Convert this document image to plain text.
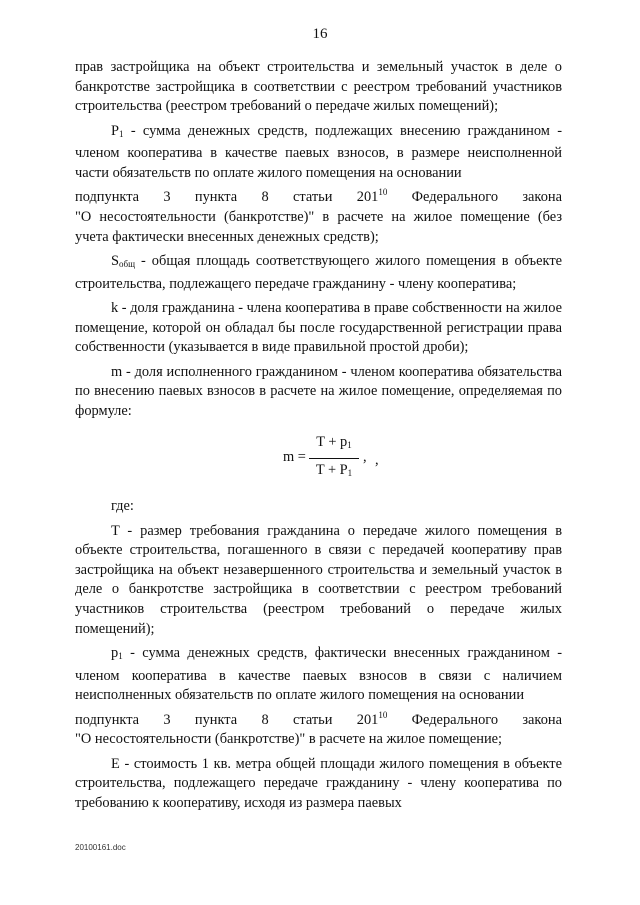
16

прав застройщика на объект строительства и земельный участок в деле о банкротстве застройщика в соответствии с реестром требований участников строительства (реестром требований о передаче жилых помещений);

$P_1$ - сумма денежных средств, подлежащих внесению гражданином - членом кооператива в качестве паевых взносов, в размере неисполненной части обязательств по оплате жилого помещения на основании

подпункта 3 пункта 8 статьи $201^{10}$ Федерального закона

"О несостоятельности (банкротстве)" в расчете на жилое помещение (без учета фактически внесенных денежных средств);

$S_{общ}$ - общая площадь соответствующего жилого помещения в объекте строительства, подлежащего передаче гражданину - члену кооператива;

k - доля гражданина - члена кооператива в праве собственности на жилое помещение, которой он обладал бы после государственной регистрации права собственности (указывается в виде правильной простой дроби);

m - доля исполненного гражданином - членом кооператива обязательства по внесению паевых взносов в расчете на жилое помещение, определяемая по формуле:

$m = \frac{T + p_1}{T + P_1}$ , ,

где:

T - размер требования гражданина о передаче жилого помещения в объекте строительства, погашенного в связи с передачей кооперативу прав застройщика на объект незавершенного строительства и земельный участок в деле о банкротстве застройщика в соответствии с реестром требований участников строительства (реестром требований о передаче жилых помещений);

$p_1$ - сумма денежных средств, фактически внесенных гражданином - членом кооператива в качестве паевых взносов в связи с наличием неисполненных обязательств по оплате жилого помещения на основании

подпункта 3 пункта 8 статьи $201^{10}$ Федерального закона

"О несостоятельности (банкротстве)" в расчете на жилое помещение;

E - стоимость 1 кв. метра общей площади жилого помещения в объекте строительства, подлежащего передаче гражданину - члену кооператива по требованию к кооперативу, исходя из размера паевых

20100161.doc
